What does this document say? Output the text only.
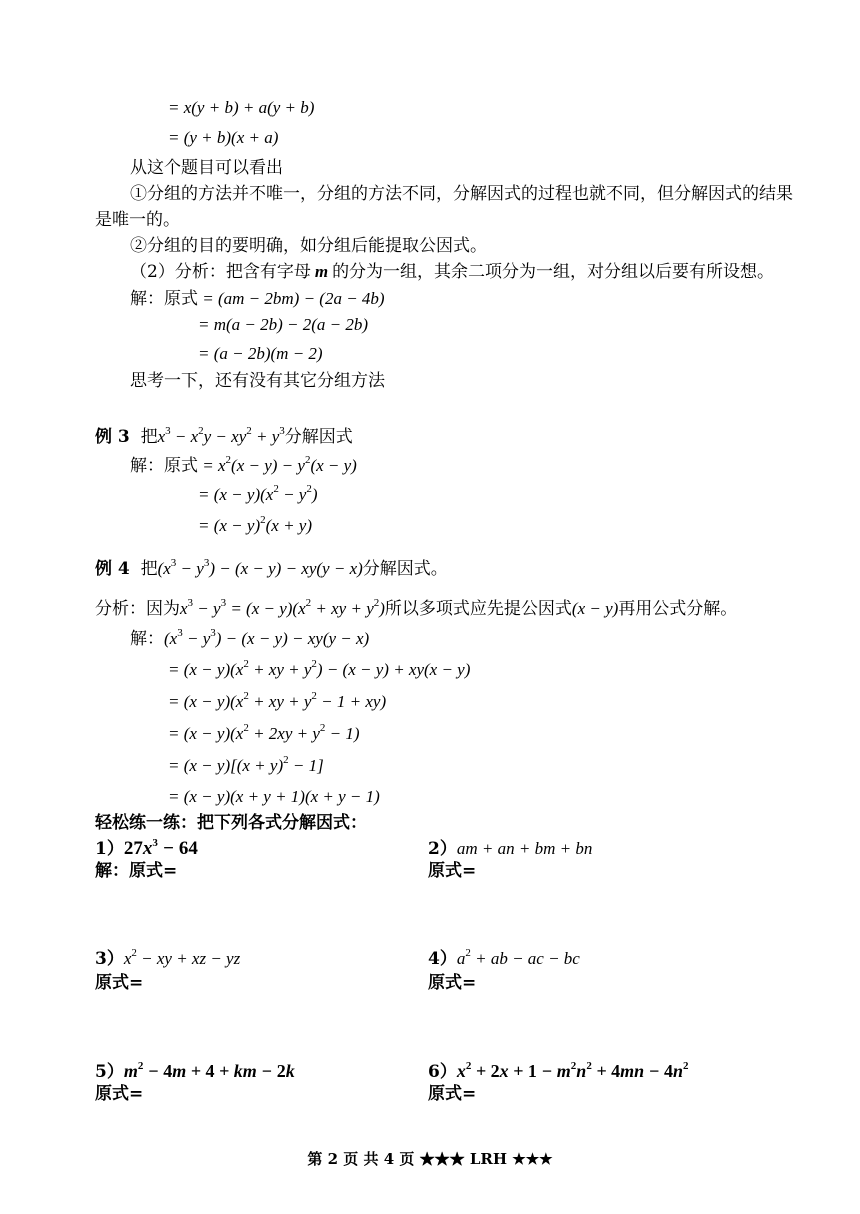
= x(y + b) + a(y + b)
= (y + b)(x + a)
从这个题目可以看出
①分组的方法并不唯一，分组的方法不同，分解因式的过程也就不同，但分解因式的结果
是唯一的。
②分组的目的要明确，如分组后能提取公因式。
（2）分析：把含有字母 m 的分为一组，其余二项分为一组，对分组以后要有所设想。
解：原式 = (am − 2bm) − (2a − 4b)
= m(a − 2b) − 2(a − 2b)
= (a − 2b)(m − 2)
思考一下，还有没有其它分组方法
例 3 把$x^3 - x^2y - xy^2 + y^3$分解因式
解：原式 = $x^2(x - y) - y^2(x - y)$
= $(x - y)(x^2 - y^2)$
= $(x - y)^2(x + y)$
例 4 把$(x^3 - y^3) - (x - y) - xy(y - x)$分解因式。
分析：因为$x^3 - y^3 = (x - y)(x^2$ + xy + $y^2$)所以多项式应先提公因式(x − y)再用公式分解。
解：$(x^3 - y^3) - (x - y) - xy(y - x)$
= $(x - y)(x^2$ + xy + $y^2) - (x - y) + xy(x - y)$
= $(x - y)(x^2$ + xy + $y^2 - 1 + xy$)
= $(x - y)(x^2 + 2xy + y^2 - 1)$
= $(x - y)[(x + y)^2 - 1]$
= (x − y)(x + y + 1)(x + y − 1)
轻松练一练：把下列各式分解因式：
$1)27x^3 - 64$
解：原式=
2）am + an + bm + bn
原式=
$3)x^2$ − xy + xz − yz
原式=
$4)a^2$ + ab − ac − bc
原式=
$5)m^2 - 4m + 4$ + km − 2k
原式=
$6)x^2 + 2x + 1 - m^2n^2 + 4mn - 4n^2$
原式=
第 2 页 共 4 页 ★★★ LRH ★★★
